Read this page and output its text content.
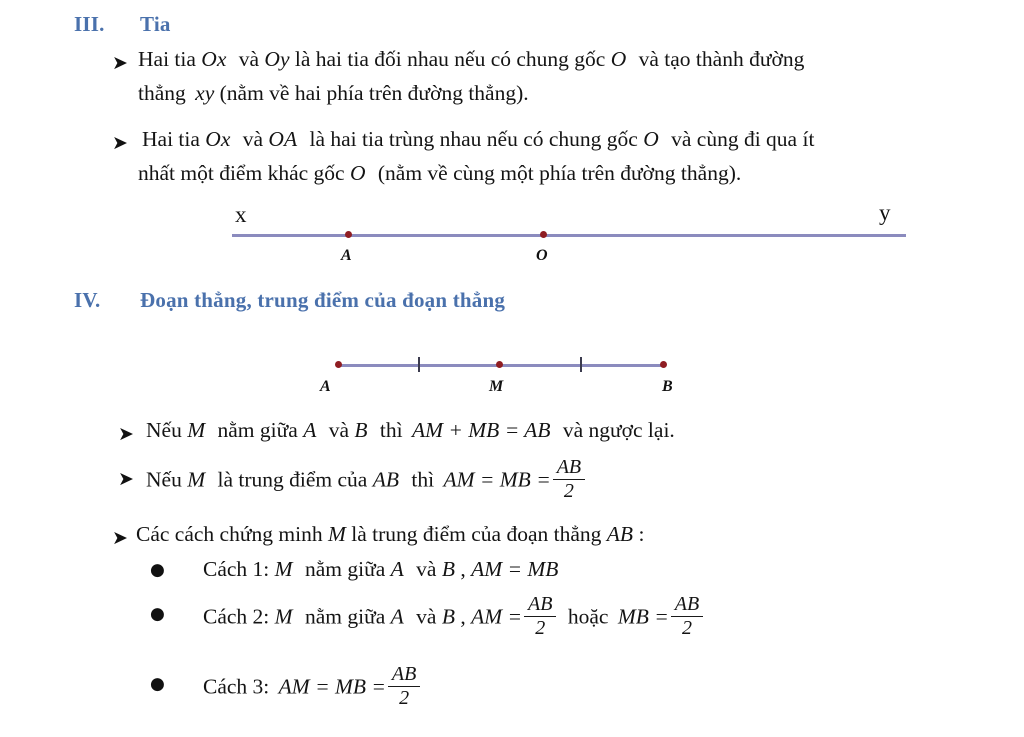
III. Tia
➤ Hai tia Ox và Oy là hai tia đối nhau nếu có chung gốc O và tạo thành đường
thẳng xy (nằm về hai phía trên đường thẳng).
➤ Hai tia Ox và OA là hai tia trùng nhau nếu có chung gốc O và cùng đi qua ít
nhất một điểm khác gốc O (nằm về cùng một phía trên đường thẳng).
A	O
x	y
IV. Đoạn thẳng, trung điểm của đoạn thẳng
A	M	B
➤ Nếu M nằm giữa A và B thì AM + MB = AB và ngược lại.
➤ Nếu M là trung điểm của AB thì AM = MB = $\frac{AB}{2}$
➤ Các cách chứng minh M là trung điểm của đoạn thẳng AB :
● Cách 1: M nằm giữa A và B , AM = MB
● Cách 2: M nằm giữa A và B , AM = $\frac{AB}{2}$ hoặc MB = $\frac{AB}{2}$
● Cách 3: AM = MB = $\frac{AB}{2}$
